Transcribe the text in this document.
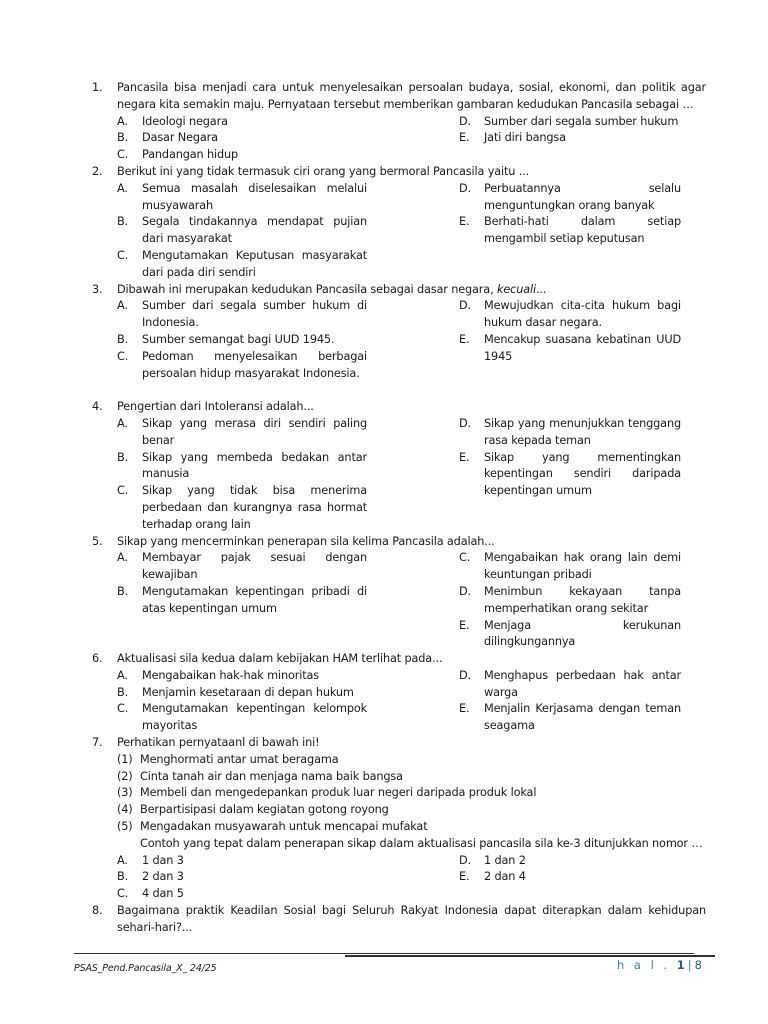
1.	Pancasila bisa menjadi cara untuk menyelesaikan persoalan budaya, sosial, ekonomi, dan politik agar negara kita semakin maju. Pernyataan tersebut memberikan gambaran kedudukan Pancasila sebagai …
A.	Ideologi negara
B.	Dasar Negara
C.	Pandangan hidup
D.	Sumber dari segala sumber hukum
E.	Jati diri bangsa
2.	Berikut ini yang tidak termasuk ciri orang yang bermoral Pancasila yaitu ...
A.	Semua masalah diselesaikan melalui musyawarah
B.	Segala tindakannya mendapat pujian dari masyarakat
C.	Mengutamakan Keputusan masyarakat dari pada diri sendiri
D.	Perbuatannya selalu menguntungkan orang banyak
E.	Berhati-hati dalam setiap mengambil setiap keputusan
3.	Dibawah ini merupakan kedudukan Pancasila sebagai dasar negara, kecuali...
A.	Sumber dari segala sumber hukum di Indonesia.
B.	Sumber semangat bagi UUD 1945.
C.	Pedoman menyelesaikan berbagai persoalan hidup masyarakat Indonesia.
D.	Mewujudkan cita-cita hukum bagi hukum dasar negara.
E.	Mencakup suasana kebatinan UUD 1945
4.	Pengertian dari Intoleransi adalah...
A.	Sikap yang merasa diri sendiri paling benar
B.	Sikap yang membeda bedakan antar manusia
C.	Sikap yang tidak bisa menerima perbedaan dan kurangnya rasa hormat terhadap orang lain
D.	Sikap yang menunjukkan tenggang rasa kepada teman
E.	Sikap yang mementingkan kepentingan sendiri daripada kepentingan umum
5.	Sikap yang mencerminkan penerapan sila kelima Pancasila adalah...
A.	Membayar pajak sesuai dengan kewajiban
B.	Mengutamakan kepentingan pribadi di atas kepentingan umum
C.	Mengabaikan hak orang lain demi keuntungan pribadi
D.	Menimbun kekayaan tanpa memperhatikan orang sekitar
E.	Menjaga kerukunan dilingkungannya
6.	Aktualisasi sila kedua dalam kebijakan HAM terlihat pada...
A.	Mengabaikan hak-hak minoritas
B.	Menjamin kesetaraan di depan hukum
C.	Mengutamakan kepentingan kelompok mayoritas
D.	Menghapus perbedaan hak antar warga
E.	Menjalin Kerjasama dengan teman seagama
7.	Perhatikan pernyataanl di bawah ini!
(1) Menghormati antar umat beragama
(2) Cinta tanah air dan menjaga nama baik bangsa
(3) Membeli dan mengedepankan produk luar negeri daripada produk lokal
(4) Berpartisipasi dalam kegiatan gotong royong
(5) Mengadakan musyawarah untuk mencapai mufakat
Contoh yang tepat dalam penerapan sikap dalam aktualisasi pancasila sila ke-3 ditunjukkan nomor …
A.	1 dan 3
B.	2 dan 3
C.	4 dan 5
D.	1 dan 2
E.	2 dan 4
8.	Bagaimana praktik Keadilan Sosial bagi Seluruh Rakyat Indonesia dapat diterapkan dalam kehidupan sehari-hari?...
PSAS_Pend.Pancasila_X_ 24/25	h a l . 1 | 8
